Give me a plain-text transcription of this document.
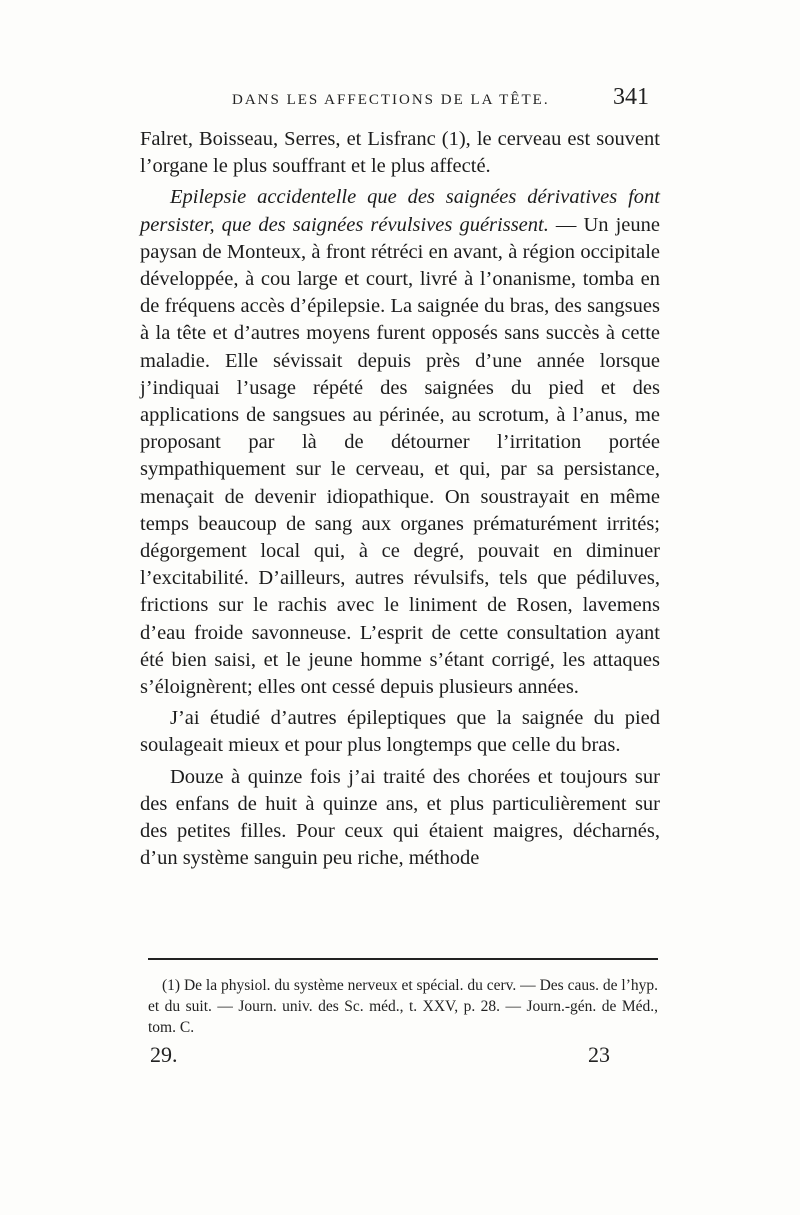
DANS LES AFFECTIONS DE LA TÊTE.	341

Falret, Boisseau, Serres, et Lisfranc (1), le cerveau est souvent l’organe le plus souffrant et le plus affecté.

Epilepsie accidentelle que des saignées dérivatives font persister, que des saignées révulsives guérissent. — Un jeune paysan de Monteux, à front rétréci en avant, à région occipitale développée, à cou large et court, livré à l’onanisme, tomba en de fréquens accès d’épilepsie. La saignée du bras, des sangsues à la tête et d’autres moyens furent opposés sans succès à cette maladie. Elle sévissait depuis près d’une année lorsque j’indiquai l’usage répété des saignées du pied et des applications de sangsues au périnée, au scrotum, à l’anus, me proposant par là de détourner l’irritation portée sympathiquement sur le cerveau, et qui, par sa persistance, menaçait de devenir idiopathique. On soustrayait en même temps beaucoup de sang aux organes prématurément irrités; dégorgement local qui, à ce degré, pouvait en diminuer l’excitabilité. D’ailleurs, autres révulsifs, tels que pédiluves, frictions sur le rachis avec le liniment de Rosen, lavemens d’eau froide savonneuse. L’esprit de cette consultation ayant été bien saisi, et le jeune homme s’étant corrigé, les attaques s’éloignèrent; elles ont cessé depuis plusieurs années.

J’ai étudié d’autres épileptiques que la saignée du pied soulageait mieux et pour plus longtemps que celle du bras.

Douze à quinze fois j’ai traité des chorées et toujours sur des enfans de huit à quinze ans, et plus particulièrement sur des petites filles. Pour ceux qui étaient maigres, décharnés, d’un système sanguin peu riche, méthode

(1) De la physiol. du système nerveux et spécial. du cerv. — Des caus. de l’hyp. et du suit. — Journ. univ. des Sc. méd., t. XXV, p. 28. — Journ.-gén. de Méd., tom. C.
29.	23
